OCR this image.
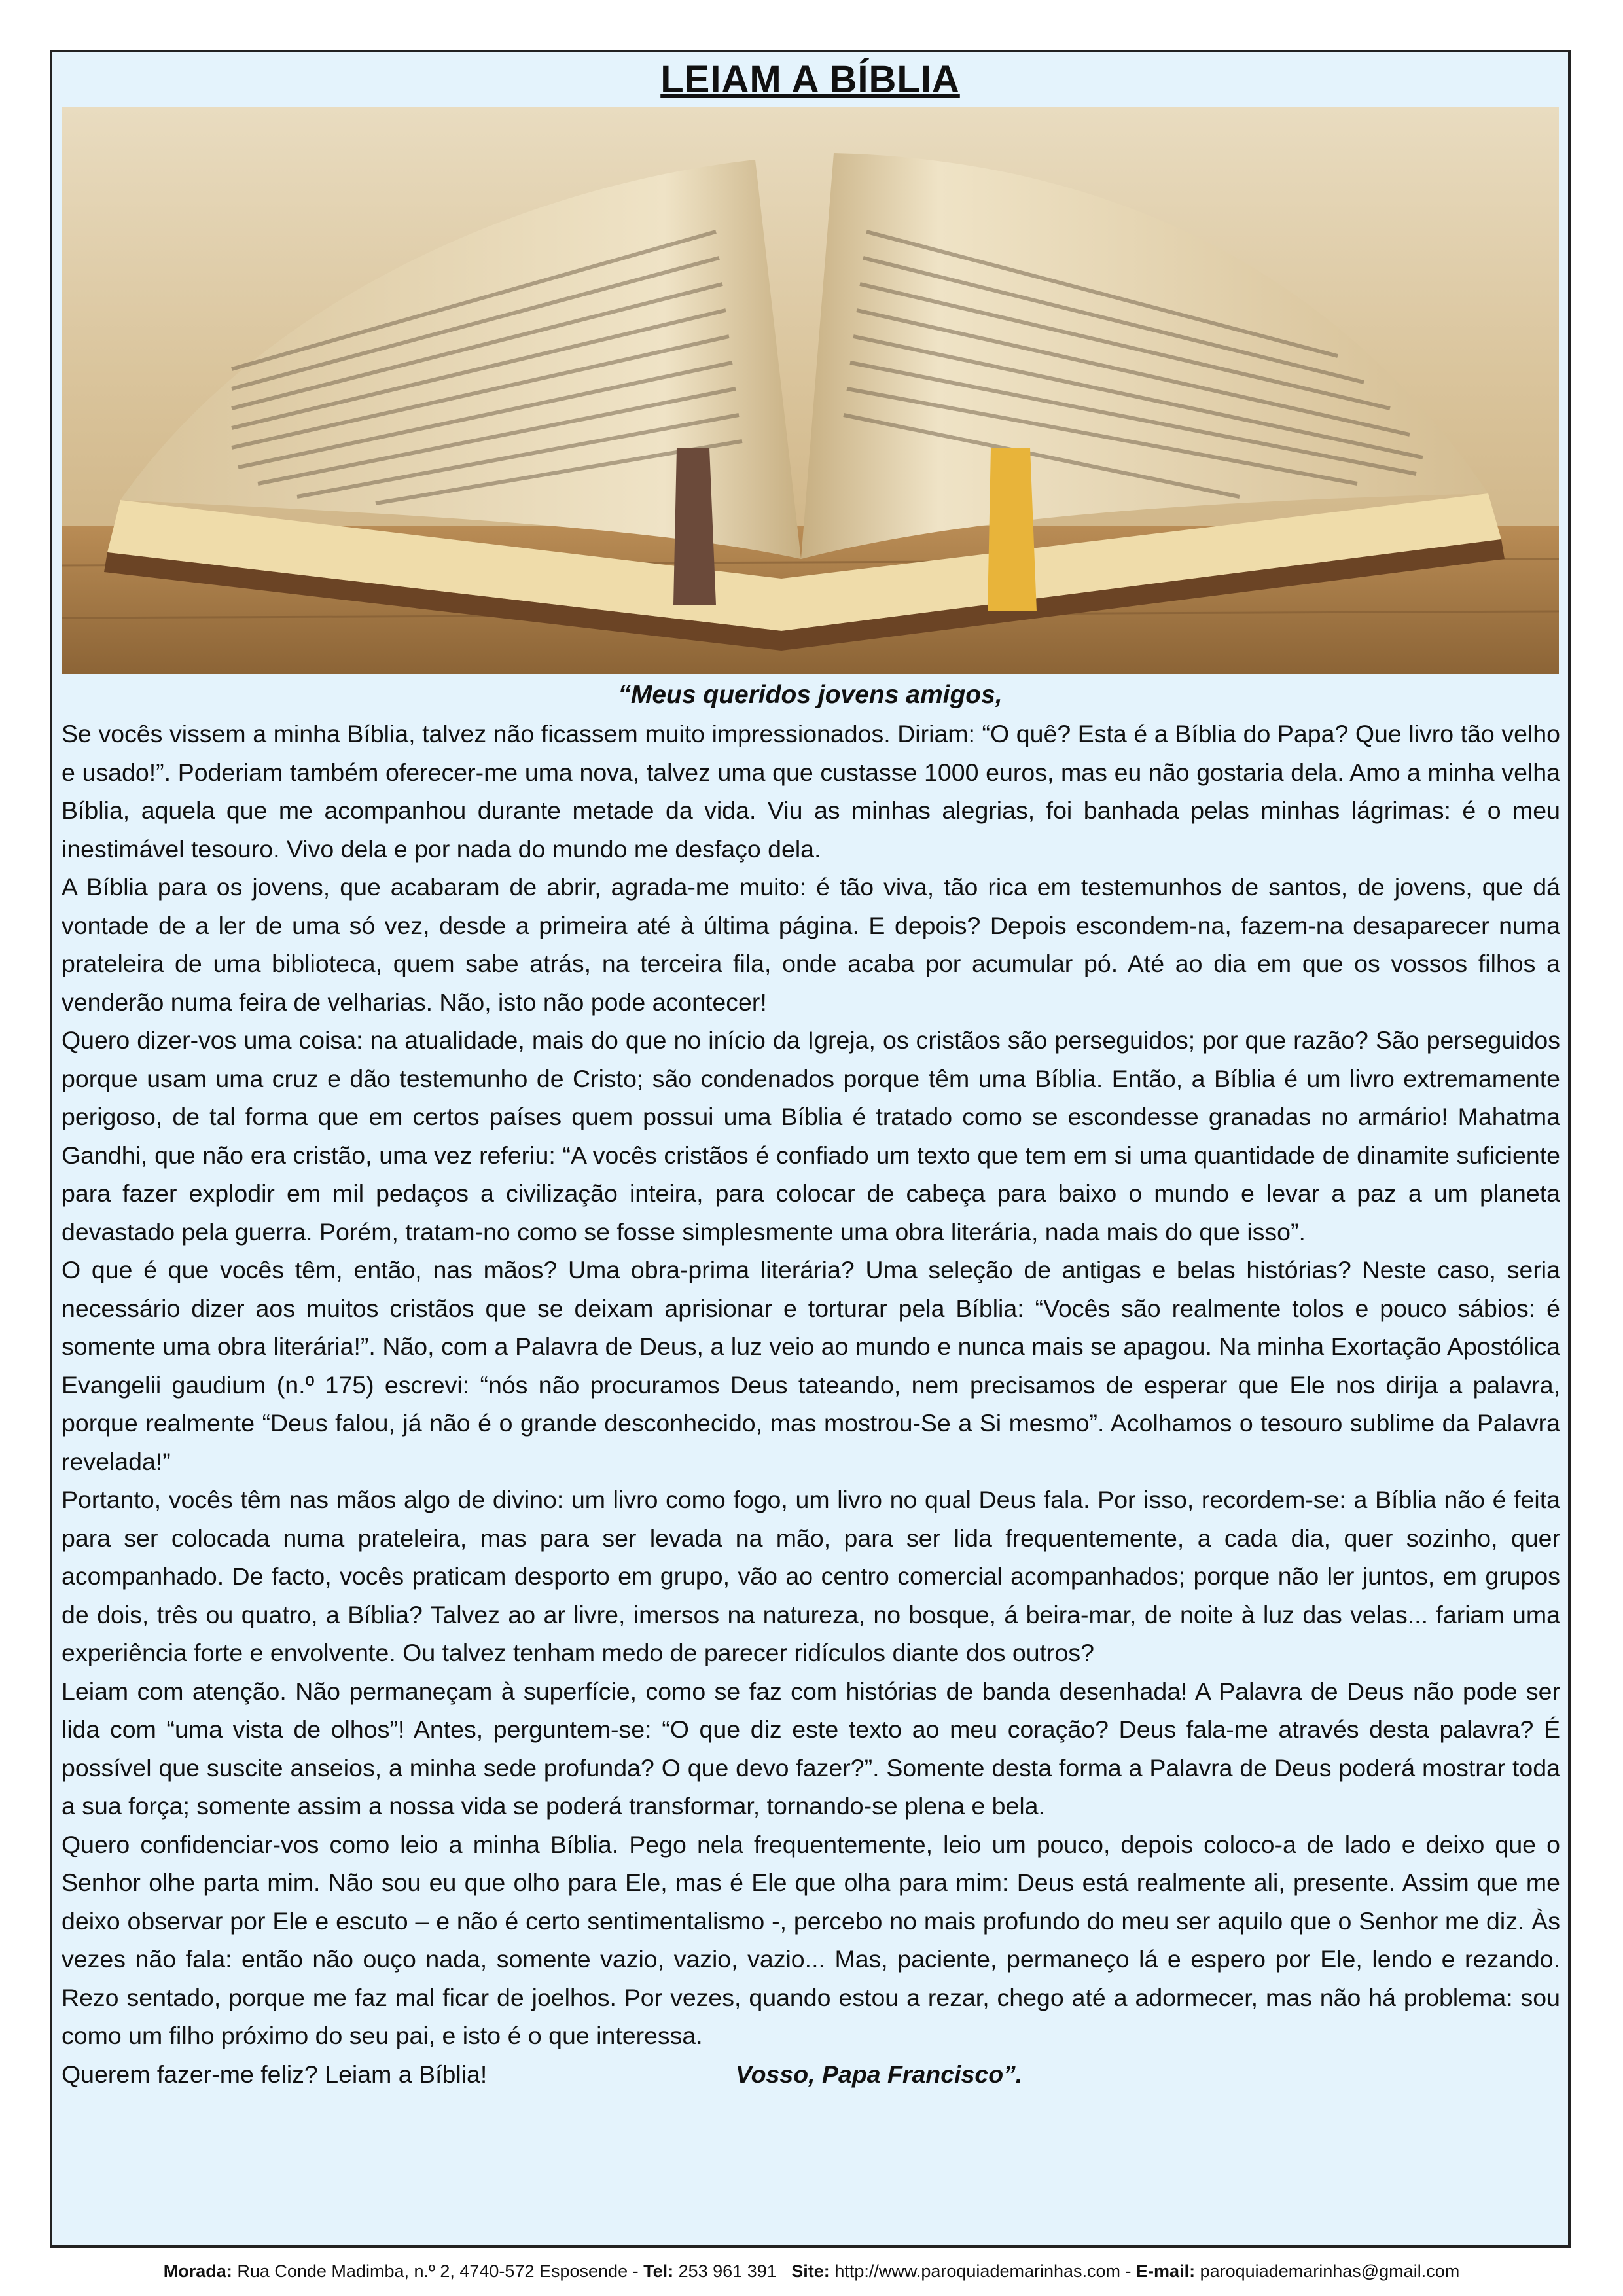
LEIAM A BÍBLIA
“Meus queridos jovens amigos,

Se vocês vissem a minha Bíblia, talvez não ficassem muito impressionados. Diriam: “O quê? Esta é a Bíblia do Papa? Que livro tão velho e usado!”. Poderiam também oferecer-me uma nova, talvez uma que custasse 1000 euros, mas eu não gostaria dela. Amo a minha velha Bíblia, aquela que me acompanhou durante metade da vida. Viu as minhas alegrias, foi banhada pelas minhas lágrimas: é o meu inestimável tesouro. Vivo dela e por nada do mundo me desfaço dela.

A Bíblia para os jovens, que acabaram de abrir, agrada-me muito: é tão viva, tão rica em testemunhos de santos, de jovens, que dá vontade de a ler de uma só vez, desde a primeira até à última página. E depois? Depois escondem-na, fazem-na desaparecer numa prateleira de uma biblioteca, quem sabe atrás, na terceira fila, onde acaba por acumular pó. Até ao dia em que os vossos filhos a venderão numa feira de velharias. Não, isto não pode acontecer!

Quero dizer-vos uma coisa: na atualidade, mais do que no início da Igreja, os cristãos são perseguidos; por que razão? São perseguidos porque usam uma cruz e dão testemunho de Cristo; são condenados porque têm uma Bíblia. Então, a Bíblia é um livro extremamente perigoso, de tal forma que em certos países quem possui uma Bíblia é tratado como se escondesse granadas no armário! Mahatma Gandhi, que não era cristão, uma vez referiu: “A vocês cristãos é confiado um texto que tem em si uma quantidade de dinamite suficiente para fazer explodir em mil pedaços a civilização inteira, para colocar de cabeça para baixo o mundo e levar a paz a um planeta devastado pela guerra. Porém, tratam-no como se fosse simplesmente uma obra literária, nada mais do que isso”.

O que é que vocês têm, então, nas mãos? Uma obra-prima literária? Uma seleção de antigas e belas histórias? Neste caso, seria necessário dizer aos muitos cristãos que se deixam aprisionar e torturar pela Bíblia: “Vocês são realmente tolos e pouco sábios: é somente uma obra literária!”. Não, com a Palavra de Deus, a luz veio ao mundo e nunca mais se apagou. Na minha Exortação Apostólica Evangelii gaudium (n.º 175) escrevi: “nós não procuramos Deus tateando, nem precisamos de esperar que Ele nos dirija a palavra, porque realmente “Deus falou, já não é o grande desconhecido, mas mostrou-Se a Si mesmo”. Acolhamos o tesouro sublime da Palavra revelada!”

Portanto, vocês têm nas mãos algo de divino: um livro como fogo, um livro no qual Deus fala. Por isso, recordem-se: a Bíblia não é feita para ser colocada numa prateleira, mas para ser levada na mão, para ser lida frequentemente, a cada dia, quer sozinho, quer acompanhado. De facto, vocês praticam desporto em grupo, vão ao centro comercial acompanhados; porque não ler juntos, em grupos de dois, três ou quatro, a Bíblia? Talvez ao ar livre, imersos na natureza, no bosque, á beira-mar, de noite à luz das velas... fariam uma experiência forte e envolvente. Ou talvez tenham medo de parecer ridículos diante dos outros?

Leiam com atenção. Não permaneçam à superfície, como se faz com histórias de banda desenhada! A Palavra de Deus não pode ser lida com “uma vista de olhos”! Antes, perguntem-se: “O que diz este texto ao meu coração? Deus fala-me através desta palavra? É possível que suscite anseios, a minha sede profunda? O que devo fazer?”. Somente desta forma a Palavra de Deus poderá mostrar toda a sua força; somente assim a nossa vida se poderá transformar, tornando-se plena e bela.

Quero confidenciar-vos como leio a minha Bíblia. Pego nela frequentemente, leio um pouco, depois coloco-a de lado e deixo que o Senhor olhe parta mim. Não sou eu que olho para Ele, mas é Ele que olha para mim: Deus está realmente ali, presente. Assim que me deixo observar por Ele e escuto – e não é certo sentimentalismo -, percebo no mais profundo do meu ser aquilo que o Senhor me diz. Às vezes não fala: então não ouço nada, somente vazio, vazio, vazio... Mas, paciente, permaneço lá e espero por Ele, lendo e rezando. Rezo sentado, porque me faz mal ficar de joelhos. Por vezes, quando estou a rezar, chego até a adormecer, mas não há problema: sou como um filho próximo do seu pai, e isto é o que interessa.

Querem fazer-me feliz? Leiam a Bíblia!	Vosso, Papa Francisco”.

Morada: Rua Conde Madimba, n.º 2, 4740-572 Esposende - Tel: 253 961 391 Site: http://www.paroquiademarinhas.com - E-mail: paroquiademarinhas@gmail.com
